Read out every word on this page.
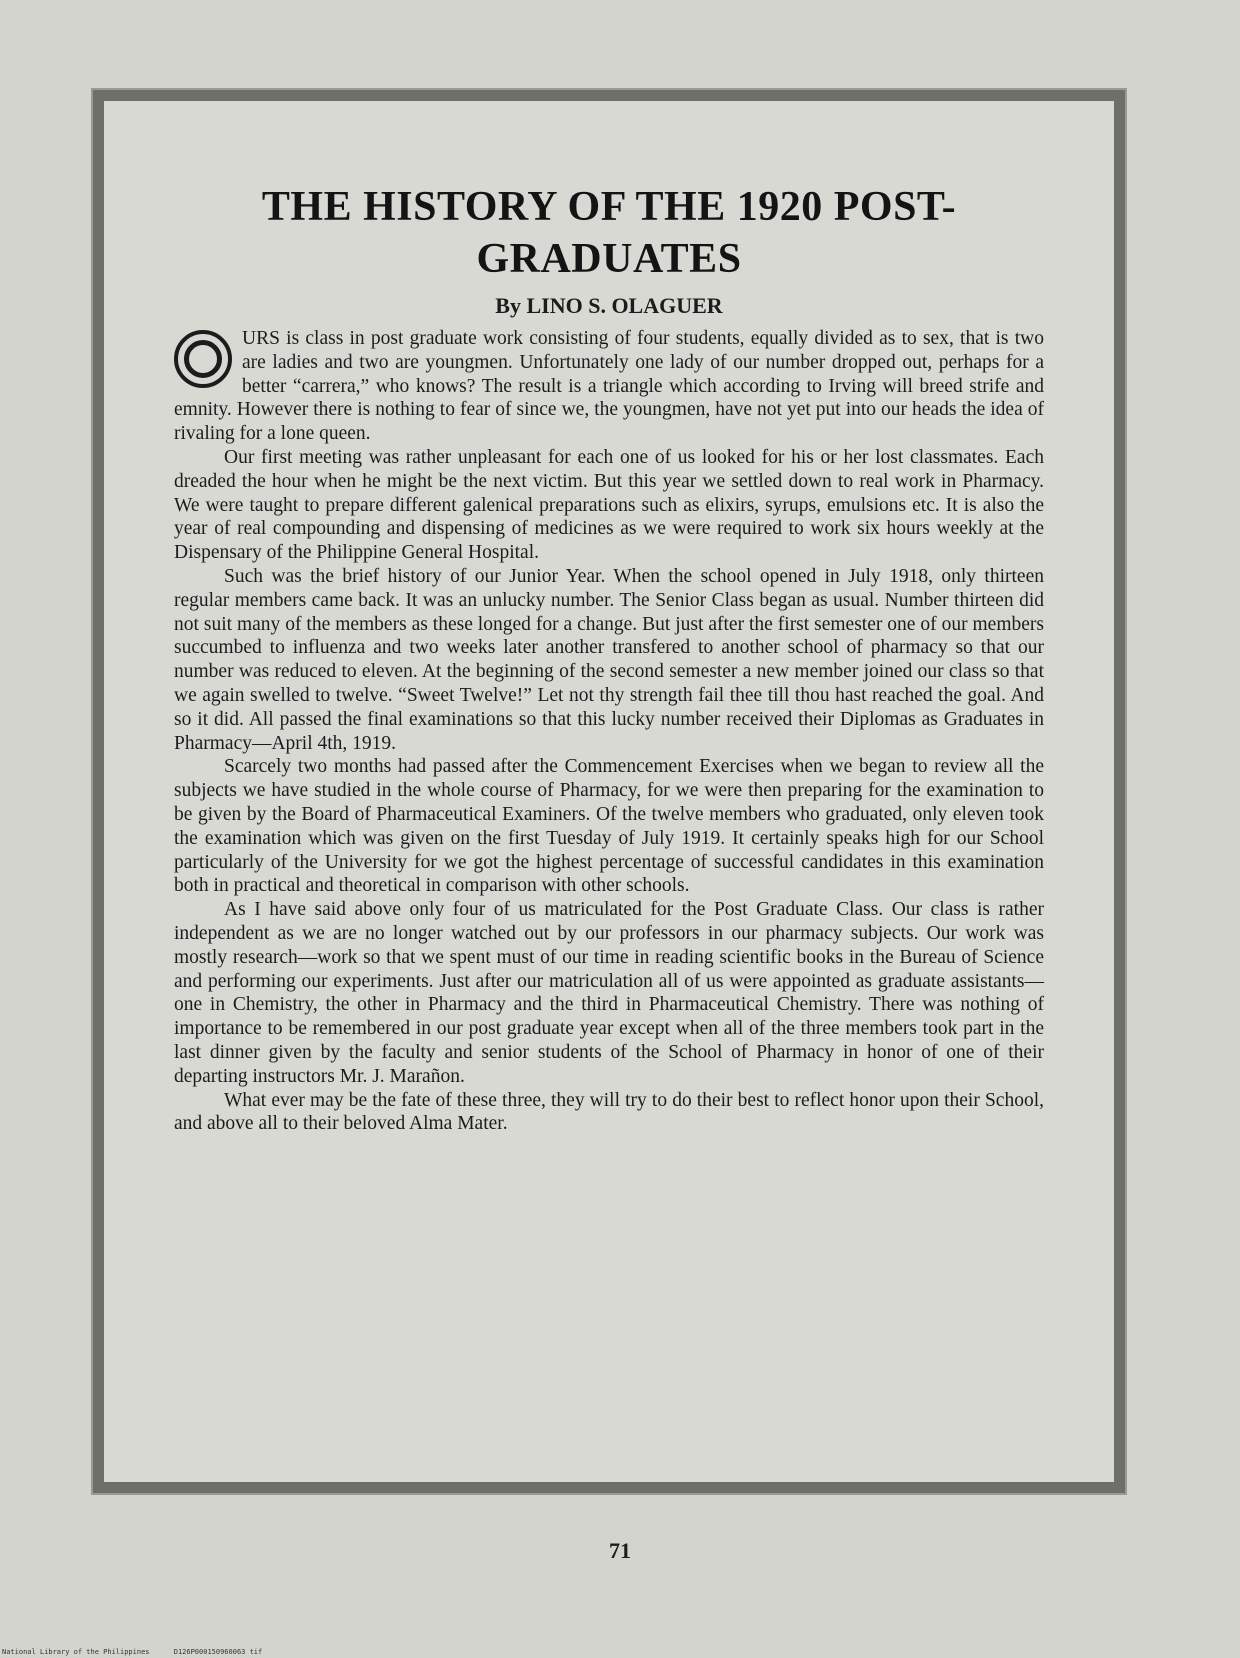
THE HISTORY OF THE 1920 POST-
GRADUATES
By LINO S. OLAGUER

URS is class in post graduate work consisting of four students, equally divided as to sex, that is two are ladies and two are youngmen. Unfortunately one lady of our number dropped out, perhaps for a better “carrera,” who knows? The result is a triangle which according to Irving will breed strife and emnity. However there is nothing to fear of since we, the youngmen, have not yet put into our heads the idea of rivaling for a lone queen.

Our first meeting was rather unpleasant for each one of us looked for his or her lost classmates. Each dreaded the hour when he might be the next victim. But this year we settled down to real work in Pharmacy. We were taught to prepare different galenical preparations such as elixirs, syrups, emulsions etc. It is also the year of real compounding and dispensing of medicines as we were required to work six hours weekly at the Dispensary of the Philippine General Hospital.

Such was the brief history of our Junior Year. When the school opened in July 1918, only thirteen regular members came back. It was an unlucky number. The Senior Class began as usual. Number thirteen did not suit many of the members as these longed for a change. But just after the first semester one of our members succumbed to influenza and two weeks later another transfered to another school of pharmacy so that our number was reduced to eleven. At the beginning of the second semester a new member joined our class so that we again swelled to twelve. “Sweet Twelve!” Let not thy strength fail thee till thou hast reached the goal. And so it did. All passed the final examinations so that this lucky number received their Diplomas as Graduates in Pharmacy—April 4th, 1919.

Scarcely two months had passed after the Commencement Exercises when we began to review all the subjects we have studied in the whole course of Pharmacy, for we were then preparing for the examination to be given by the Board of Pharmaceutical Examiners. Of the twelve members who graduated, only eleven took the examination which was given on the first Tuesday of July 1919. It certainly speaks high for our School particularly of the University for we got the highest percentage of successful candidates in this examination both in practical and theoretical in comparison with other schools.

As I have said above only four of us matriculated for the Post Graduate Class. Our class is rather independent as we are no longer watched out by our professors in our pharmacy subjects. Our work was mostly research—work so that we spent must of our time in reading scientific books in the Bureau of Science and performing our experiments. Just after our matriculation all of us were appointed as graduate assistants—one in Chemistry, the other in Pharmacy and the third in Pharmaceutical Chemistry. There was nothing of importance to be remembered in our post graduate year except when all of the three members took part in the last dinner given by the faculty and senior students of the School of Pharmacy in honor of one of their departing instructors Mr. J. Marañon.

What ever may be the fate of these three, they will try to do their best to reflect honor upon their School, and above all to their beloved Alma Mater.

71
National Library of the Philippines	D126P000150960063 tif
